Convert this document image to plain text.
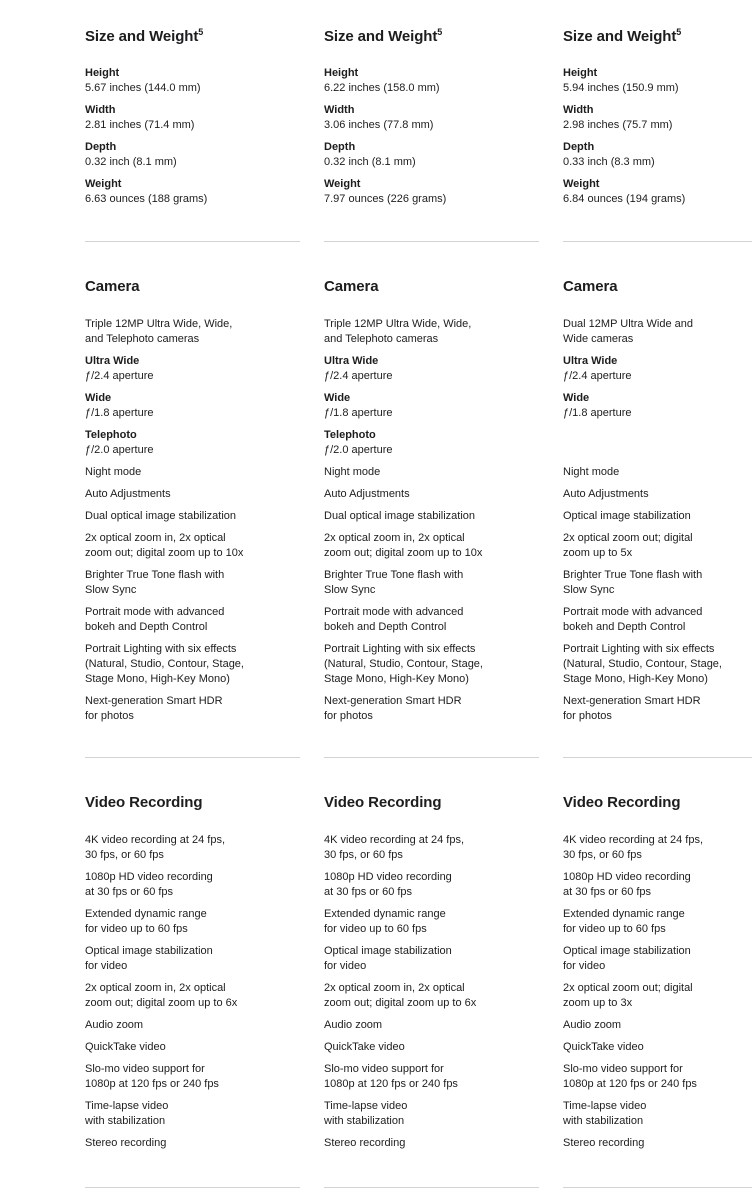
Size and Weight$^5$
Height
5.67 inches (144.0 mm)
Width
2.81 inches (71.4 mm)
Depth
0.32 inch (8.1 mm)
Weight
6.63 ounces (188 grams)
Camera
Triple 12MP Ultra Wide, Wide,
and Telephoto cameras
Ultra Wide
ƒ/2.4 aperture
Wide
ƒ/1.8 aperture
Telephoto
ƒ/2.0 aperture
Night mode
Auto Adjustments
Dual optical image stabilization
2x optical zoom in, 2x optical
zoom out; digital zoom up to 10x
Brighter True Tone flash with
Slow Sync
Portrait mode with advanced
bokeh and Depth Control
Portrait Lighting with six effects
(Natural, Studio, Contour, Stage,
Stage Mono, High-Key Mono)
Next-generation Smart HDR
for photos
Video Recording
4K video recording at 24 fps,
30 fps, or 60 fps
1080p HD video recording
at 30 fps or 60 fps
Extended dynamic range
for video up to 60 fps
Optical image stabilization
for video
2x optical zoom in, 2x optical
zoom out; digital zoom up to 6x
Audio zoom
QuickTake video
Slo-mo video support for
1080p at 120 fps or 240 fps
Time-lapse video
with stabilization
Stereo recording
Size and Weight$^5$
Height
6.22 inches (158.0 mm)
Width
3.06 inches (77.8 mm)
Depth
0.32 inch (8.1 mm)
Weight
7.97 ounces (226 grams)
Camera
Triple 12MP Ultra Wide, Wide,
and Telephoto cameras
Ultra Wide
ƒ/2.4 aperture
Wide
ƒ/1.8 aperture
Telephoto
ƒ/2.0 aperture
Night mode
Auto Adjustments
Dual optical image stabilization
2x optical zoom in, 2x optical
zoom out; digital zoom up to 10x
Brighter True Tone flash with
Slow Sync
Portrait mode with advanced
bokeh and Depth Control
Portrait Lighting with six effects
(Natural, Studio, Contour, Stage,
Stage Mono, High-Key Mono)
Next-generation Smart HDR
for photos
Video Recording
4K video recording at 24 fps,
30 fps, or 60 fps
1080p HD video recording
at 30 fps or 60 fps
Extended dynamic range
for video up to 60 fps
Optical image stabilization
for video
2x optical zoom in, 2x optical
zoom out; digital zoom up to 6x
Audio zoom
QuickTake video
Slo-mo video support for
1080p at 120 fps or 240 fps
Time-lapse video
with stabilization
Stereo recording
Size and Weight$^5$
Height
5.94 inches (150.9 mm)
Width
2.98 inches (75.7 mm)
Depth
0.33 inch (8.3 mm)
Weight
6.84 ounces (194 grams)
Camera
Dual 12MP Ultra Wide and
Wide cameras
Ultra Wide
ƒ/2.4 aperture
Wide
ƒ/1.8 aperture
Night mode
Auto Adjustments
Optical image stabilization
2x optical zoom out; digital
zoom up to 5x
Brighter True Tone flash with
Slow Sync
Portrait mode with advanced
bokeh and Depth Control
Portrait Lighting with six effects
(Natural, Studio, Contour, Stage,
Stage Mono, High-Key Mono)
Next-generation Smart HDR
for photos
Video Recording
4K video recording at 24 fps,
30 fps, or 60 fps
1080p HD video recording
at 30 fps or 60 fps
Extended dynamic range
for video up to 60 fps
Optical image stabilization
for video
2x optical zoom out; digital
zoom up to 3x
Audio zoom
QuickTake video
Slo-mo video support for
1080p at 120 fps or 240 fps
Time-lapse video
with stabilization
Stereo recording
